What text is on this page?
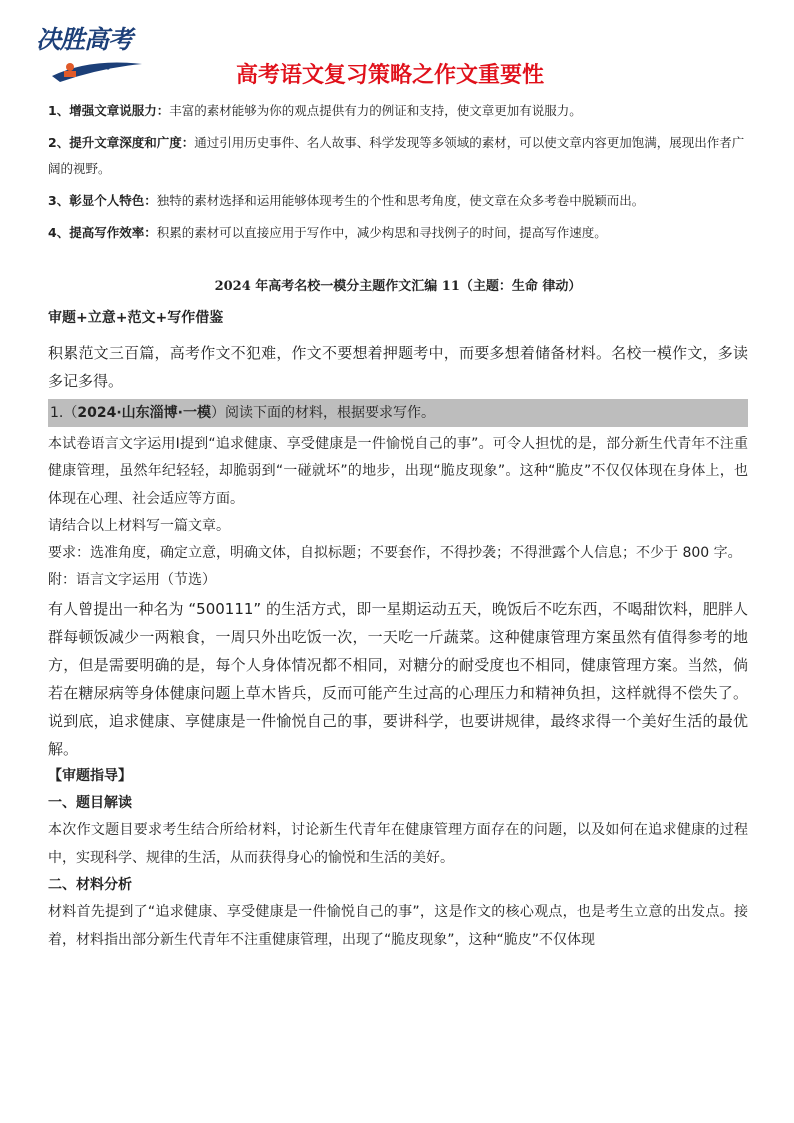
决胜高考
高考语文复习策略之作文重要性

1、增强文章说服力：丰富的素材能够为你的观点提供有力的例证和支持，使文章更加有说服力。

2、提升文章深度和广度：通过引用历史事件、名人故事、科学发现等多领域的素材，可以使文章内容更加饱满，展现出作者广阔的视野。

3、彰显个人特色：独特的素材选择和运用能够体现考生的个性和思考角度，使文章在众多考卷中脱颖而出。

4、提高写作效率：积累的素材可以直接应用于写作中，减少构思和寻找例子的时间，提高写作速度。

2024 年高考名校一模分主题作文汇编 11（主题：生命 律动）
审题+立意+范文+写作借鉴

积累范文三百篇，高考作文不犯难，作文不要想着押题考中，而要多想着储备材料。名校一模作文，多读多记多得。

1.（2024·山东淄博·一模）阅读下面的材料，根据要求写作。

本试卷语言文字运用Ⅰ提到“追求健康、享受健康是一件愉悦自己的事”。可令人担忧的是，部分新生代青年不注重健康管理，虽然年纪轻轻，却脆弱到“一碰就坏”的地步，出现“脆皮现象”。这种“脆皮”不仅仅体现在身体上，也体现在心理、社会适应等方面。

请结合以上材料写一篇文章。

要求：选准角度，确定立意，明确文体，自拟标题；不要套作，不得抄袭；不得泄露个人信息；不少于 800 字。

附：语言文字运用（节选）

有人曾提出一种名为 “500111” 的生活方式，即一星期运动五天，晚饭后不吃东西，不喝甜饮料，肥胖人群每顿饭减少一两粮食，一周只外出吃饭一次，一天吃一斤蔬菜。这种健康管理方案虽然有值得参考的地方，但是需要明确的是，每个人身体情况都不相同，对糖分的耐受度也不相同，健康管理方案。当然，倘若在糖尿病等身体健康问题上草木皆兵，反而可能产生过高的心理压力和精神负担，这样就得不偿失了。说到底，追求健康、享健康是一件愉悦自己的事，要讲科学，也要讲规律，最终求得一个美好生活的最优解。

【审题指导】

一、题目解读

本次作文题目要求考生结合所给材料，讨论新生代青年在健康管理方面存在的问题，以及如何在追求健康的过程中，实现科学、规律的生活，从而获得身心的愉悦和生活的美好。

二、材料分析

材料首先提到了“追求健康、享受健康是一件愉悦自己的事”，这是作文的核心观点，也是考生立意的出发点。接着，材料指出部分新生代青年不注重健康管理，出现了“脆皮现象”，这种“脆皮”不仅体现
